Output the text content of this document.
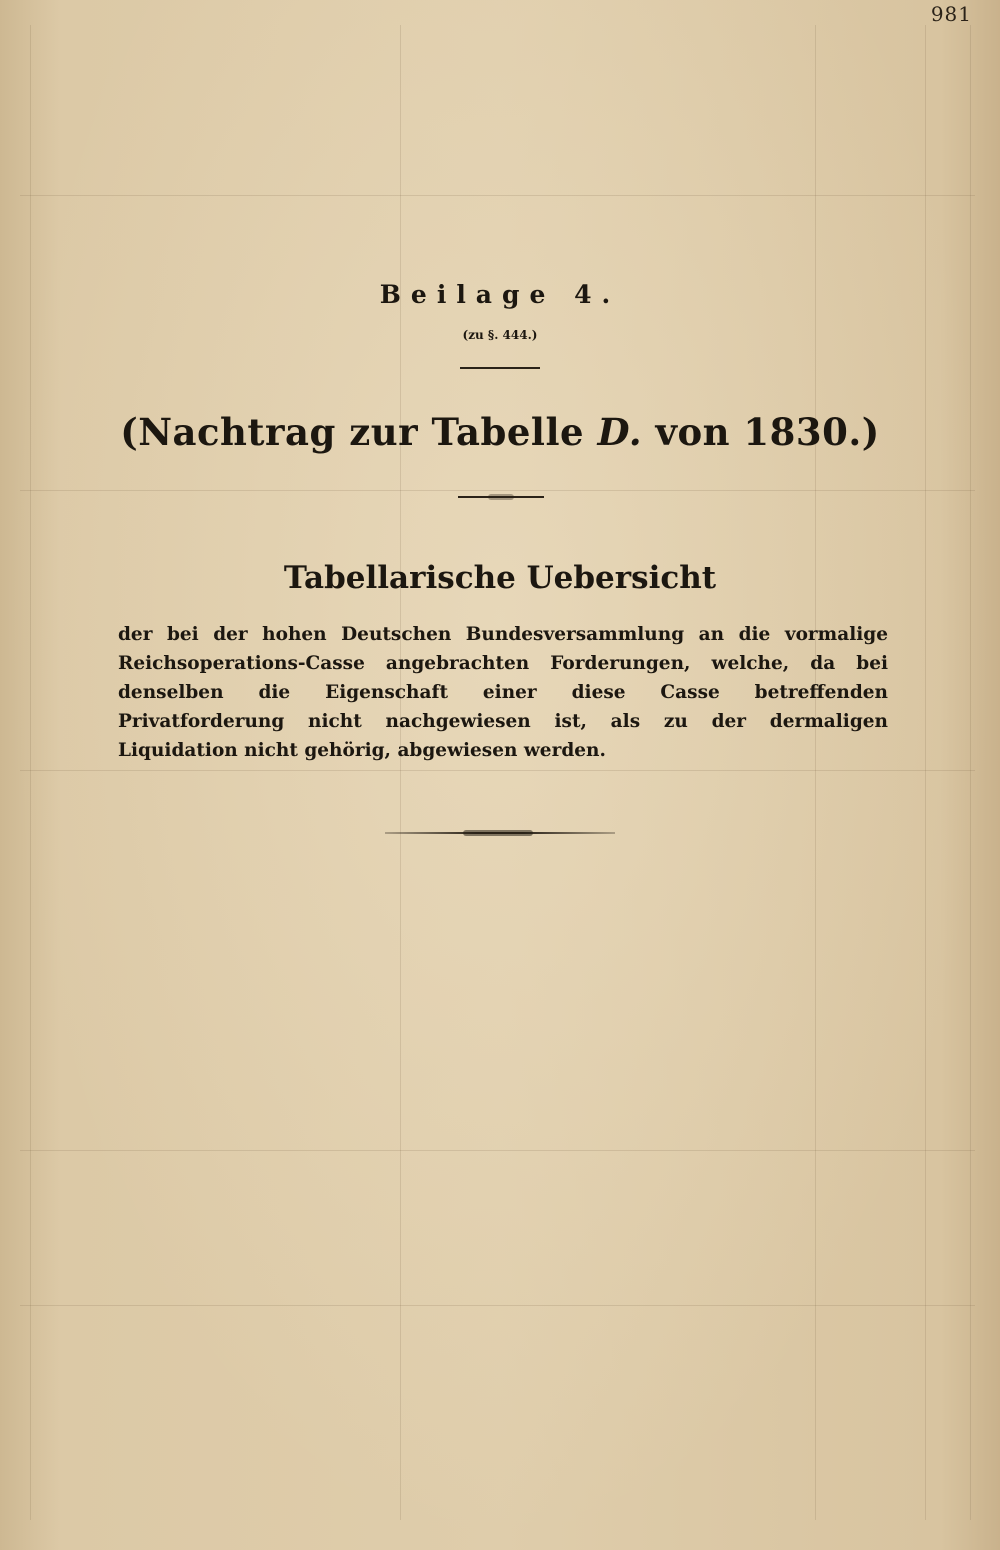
981
Beilage 4.
(zu §. 444.)
(Nachtrag zur Tabelle D. von 1830.)
Tabellarische Uebersicht
der bei der hohen Deutschen Bundesversammlung an die vormalige Reichsoperations-Casse angebrachten Forderungen, welche, da bei denselben die Eigenschaft einer diese Casse betreffenden Privatforderung nicht nachgewiesen ist, als zu der dermaligen Liquidation nicht gehörig, abgewiesen werden.
